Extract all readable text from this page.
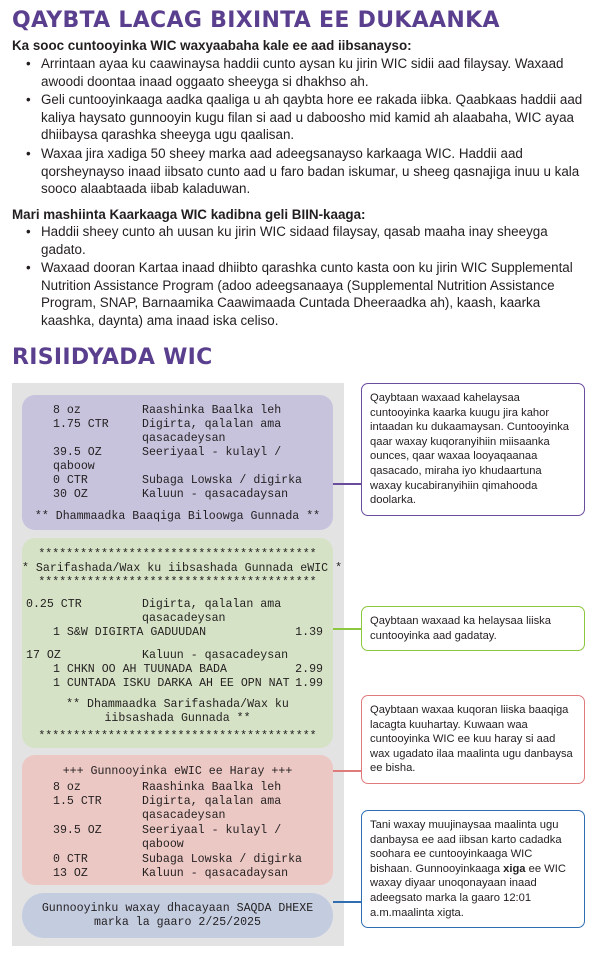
QAYBTA LACAG BIXINTA EE DUKAANKA
Ka sooc cuntooyinka WIC waxyaabaha kale ee aad iibsanayso:
• Arrintaan ayaa ku caawinaysa haddii cunto aysan ku jirin WIC sidii aad filaysay. Waxaad awoodi doontaa inaad oggaato sheeyga si dhakhso ah.
• Geli cuntooyinkaaga aadka qaaliga u ah qaybta hore ee rakada iibka. Qaabkaas haddii aad kaliya haysato gunnooyin kugu filan si aad u daboosho mid kamid ah alaabaha, WIC ayaa dhiibaysa qarashka sheeyga ugu qaalisan.
• Waxaa jira xadiga 50 sheey marka aad adeegsanayso karkaaga WIC. Haddii aad qorsheynayso inaad iibsato cunto aad u faro badan iskumar, u sheeg qasnajiga inuu u kala sooco alaabtaada iibab kaladuwan.
Mari mashiinta Kaarkaaga WIC kadibna geli BIIN-kaaga:
• Haddii sheey cunto ah uusan ku jirin WIC sidaad filaysay, qasab maaha inay sheeyga gadato.
• Waxaad dooran Kartaa inaad dhiibto qarashka cunto kasta oon ku jirin WIC Supplemental Nutrition Assistance Program (adoo adeegsanaaya (Supplemental Nutrition Assistance Program, SNAP, Barnaamika Caawimaada Cuntada Dheeraadka ah), kaash, kaarka kaashka, daynta) ama inaad iska celiso.
RISIIDYADA WIC

8 oz	Raashinka Baalka leh

1.75 CTR	Digirta, qalalan ama

qasacadeysan

39.5 OZ	Seeriyaal - kulayl /

qaboow

0 CTR	Subaga Lowska / digirka

30 OZ	Kaluun - qasacadaysan

** Dhammaadka Baaqiga Biloowga Gunnada **

****************************************

* Sarifashada/Wax ku iibsashada Gunnada eWIC *

****************************************

0.25 CTR	Digirta, qalalan ama

qasacadeysan

1 S&W DIGIRTA GADUUDAN	1.39

17 OZ	Kaluun - qasacadeysan

1 CHKN OO AH TUUNADA BADA	2.99

1 CUNTADA ISKU DARKA AH EE OPN NAT 1.99

** Dhammaadka Sarifashada/Wax ku

iibsashada Gunnada **

****************************************

+++ Gunnooyinka eWIC ee Haray +++

8 oz	Raashinka Baalka leh

1.5 CTR	Digirta, qalalan ama

qasacadeysan

39.5 OZ	Seeriyaal - kulayl /

qaboow

0 CTR	Subaga Lowska / digirka

13 OZ	Kaluun - qasacadaysan

Gunnooyinku waxay dhacayaan SAQDA DHEXE

marka la gaaro 2/25/2025

Qaybtaan waxaad kahelaysaa cuntooyinka kaarka kuugu jira kahor intaadan ku dukaamaysan. Cuntooyinka qaar waxay kuqoranyihiin miisaanka ounces, qaar waxaa looyaqaanaa qasacado, miraha iyo khudaartuna waxay kucabiranyihiin qimahooda doolarka.
Qaybtaan waxaad ka helaysaa liiska cuntooyinka aad gadatay.
Qaybtaan waxaa kuqoran liiska baaqiga lacagta kuuhartay. Kuwaan waa cuntooyinka WIC ee kuu haray si aad wax ugadato ilaa maalinta ugu danbaysa ee bisha.
Tani waxay muujinaysaa maalinta ugu danbaysa ee aad iibsan karto cadadka soohara ee cuntooyinkaaga WIC bishaan. Gunnooyinkaaga xiga ee WIC waxay diyaar unoqonayaan inaad adeegsato marka la gaaro 12:01 a.m.maalinta xigta.
